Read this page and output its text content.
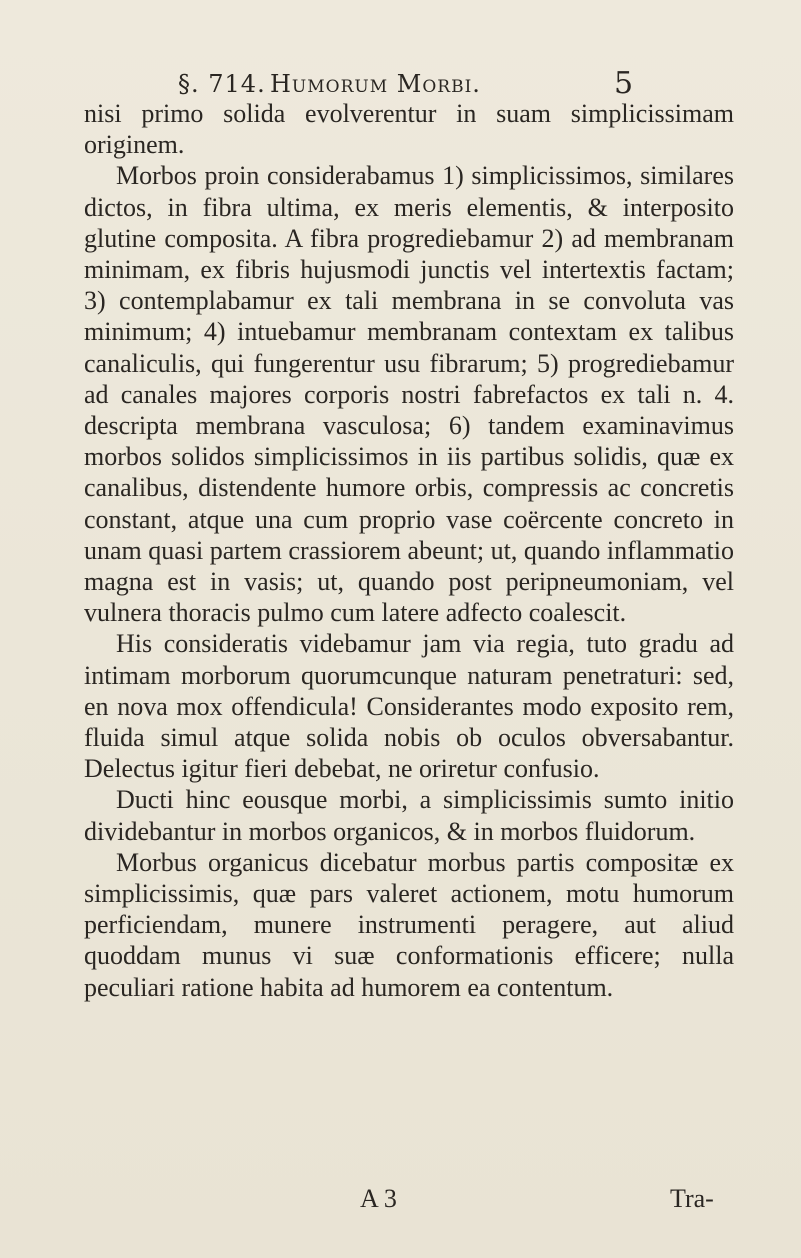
§. 714. Humorum Morbi.	5

nisi primo solida evolverentur in suam simplicissimam originem.

Morbos proin considerabamus 1) simplicissimos, similares dictos, in fibra ultima, ex meris elementis, & interposito glutine composita. A fibra progrediebamur 2) ad membranam minimam, ex fibris hujusmodi junctis vel intertextis factam; 3) contemplabamur ex tali membrana in se convoluta vas minimum; 4) intuebamur membranam contextam ex talibus canaliculis, qui fungerentur usu fibrarum; 5) progrediebamur ad canales majores corporis nostri fabrefactos ex tali n. 4. descripta membrana vasculosa; 6) tandem examinavimus morbos solidos simplicissimos in iis partibus solidis, quæ ex canalibus, distendente humore orbis, compressis ac concretis constant, atque una cum proprio vase coërcente concreto in unam quasi partem crassiorem abeunt; ut, quando inflammatio magna est in vasis; ut, quando post peripneumoniam, vel vulnera thoracis pulmo cum latere adfecto coalescit.

His consideratis videbamur jam via regia, tuto gradu ad intimam morborum quorumcunque naturam penetraturi: sed, en nova mox offendicula! Considerantes modo exposito rem, fluida simul atque solida nobis ob oculos obversabantur. Delectus igitur fieri debebat, ne oriretur confusio.

Ducti hinc eousque morbi, a simplicissimis sumto initio dividebantur in morbos organicos, & in morbos fluidorum.

Morbus organicus dicebatur morbus partis compositæ ex simplicissimis, quæ pars valeret actionem, motu humorum perficiendam, munere instrumenti peragere, aut aliud quoddam munus vi suæ conformationis efficere; nulla peculiari ratione habita ad humorem ea contentum.

A 3	Tra-
